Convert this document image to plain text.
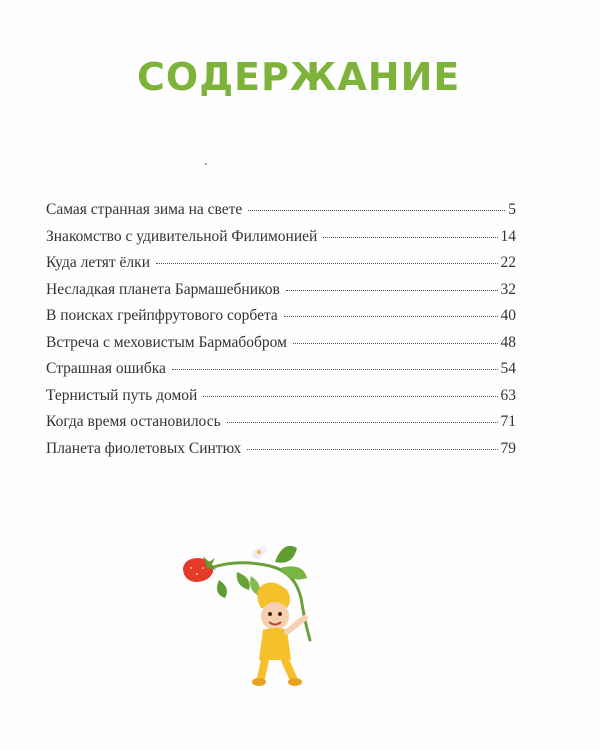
СОДЕРЖАНИЕ
Самая странная зима на свете	5
Знакомство с удивительной Филимонией	14
Куда летят ёлки	22
Несладкая планета Бармашебников	32
В поисках грейпфрутового сорбета	40
Встреча с меховистым Бармабобром	48
Страшная ошибка	54
Тернистый путь домой	63
Когда время остановилось	71
Планета фиолетовых Синтюх	79
